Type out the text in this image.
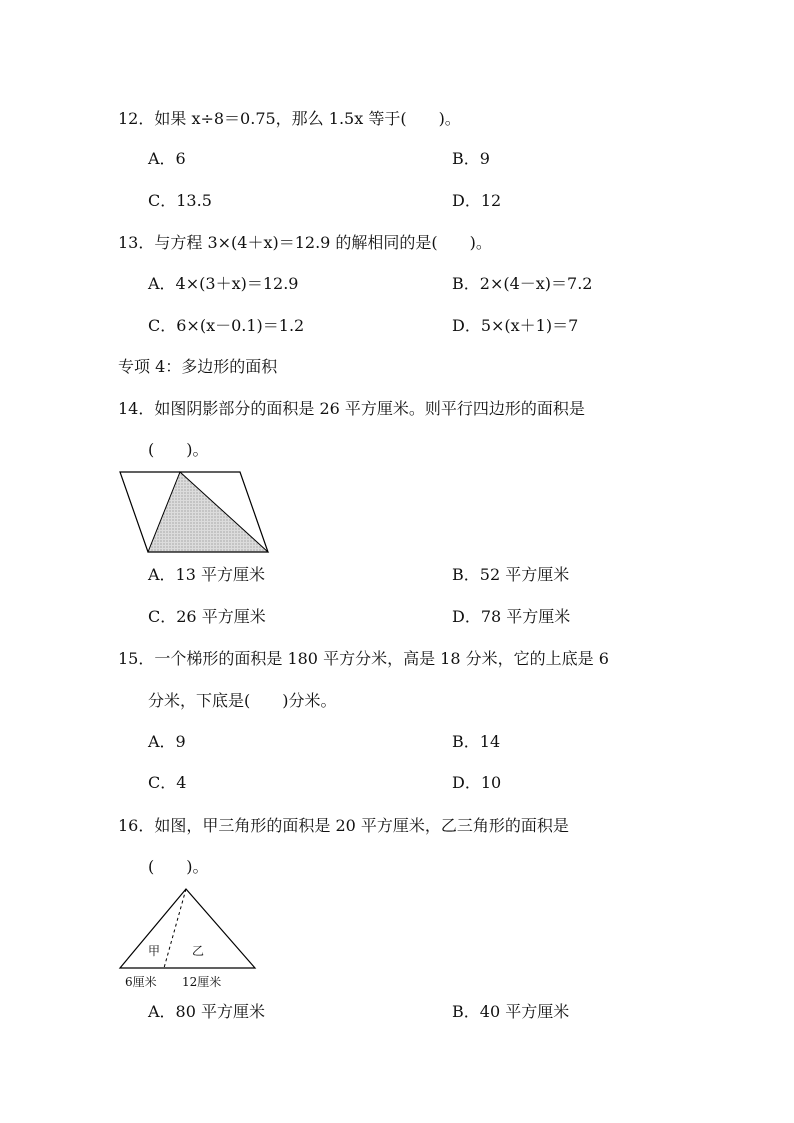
12．如果 x÷8＝0.75，那么 1.5x 等于(　　)。
A．6	B．9
C．13.5	D．12
13．与方程 3×(4＋x)＝12.9 的解相同的是(　　)。
A．4×(3＋x)＝12.9	B．2×(4－x)＝7.2
C．6×(x－0.1)＝1.2	D．5×(x＋1)＝7
专项 4：多边形的面积
14．如图阴影部分的面积是 26 平方厘米。则平行四边形的面积是
(　　)。
A．13 平方厘米	B．52 平方厘米
C．26 平方厘米	D．78 平方厘米
15．一个梯形的面积是 180 平方分米，高是 18 分米，它的上底是 6
分米，下底是(　　)分米。
A．9	B．14
C．4	D．10
16．如图，甲三角形的面积是 20 平方厘米，乙三角形的面积是
(　　)。
甲	乙
6厘米 12厘米
A．80 平方厘米	B．40 平方厘米
